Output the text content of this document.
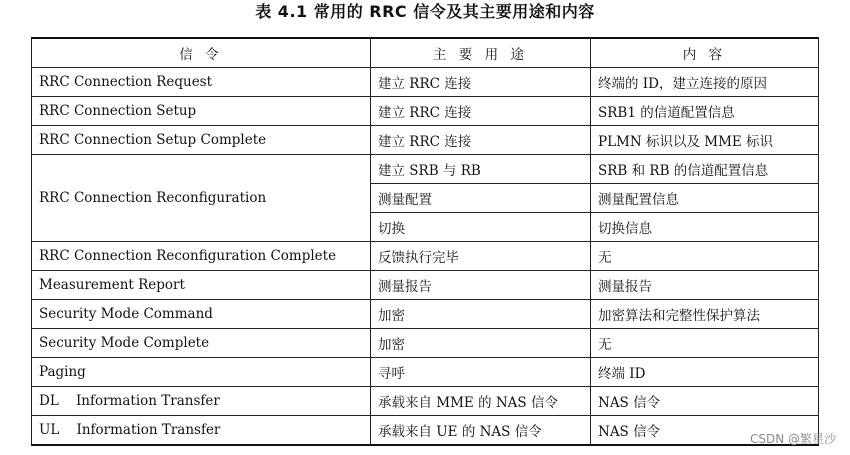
表 4.1 常用的 RRC 信令及其主要用途和内容
信 令	主 要 用 途	内 容
RRC Connection Request	建立 RRC 连接	终端的 ID，建立连接的原因
RRC Connection Setup	建立 RRC 连接	SRB1 的信道配置信息
RRC Connection Setup Complete	建立 RRC 连接	PLMN 标识以及 MME 标识
RRC Connection Reconfiguration	建立 SRB 与 RB	SRB 和 RB 的信道配置信息
	测量配置	测量配置信息
	切换	切换信息
RRC Connection Reconfiguration Complete	反馈执行完毕	无
Measurement Report	测量报告	测量报告
Security Mode Command	加密	加密算法和完整性保护算法
Security Mode Complete	加密	无
Paging	寻呼	终端 ID
DL    Information Transfer	承载来自 MME 的 NAS 信令	NAS 信令
UL    Information Transfer	承载来自 UE 的 NAS 信令	NAS 信令	CSDN @繁星沙
